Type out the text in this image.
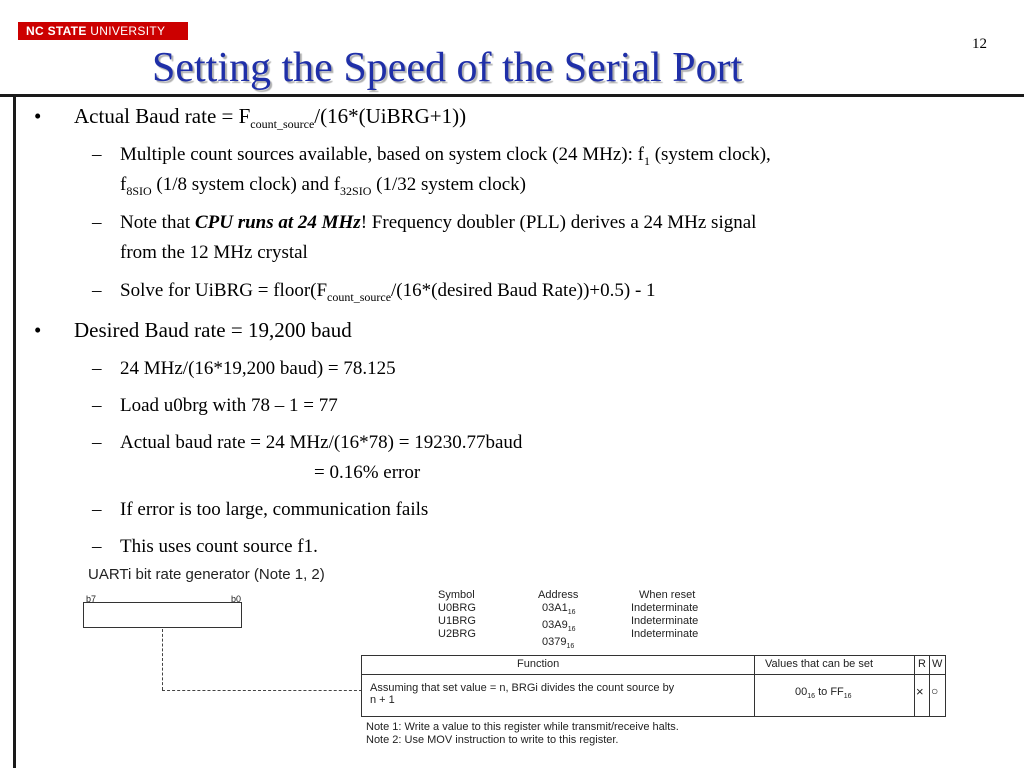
NC STATE UNIVERSITY
12
Setting the Speed of the Serial Port
• Actual Baud rate = $F_{count\_source}/(16*(UiBRG+1))$
– Multiple count sources available, based on system clock (24 MHz): $f_1$ (system clock),
$f_{8SIO}$ (1/8 system clock) and $f_{32SIO}$ (1/32 system clock)
– Note that CPU runs at 24 MHz! Frequency doubler (PLL) derives a 24 MHz signal
from the 12 MHz crystal
– Solve for UiBRG = $floor(F_{count\_source}/(16*(desired$ Baud Rate))+0.5) - 1
• Desired Baud rate = 19,200 baud
– 24 MHz/(16*19,200 baud) = 78.125
– Load u0brg with 78 – 1 = 77
– Actual baud rate = 24 MHz/(16*78) = 19230.77baud
= 0.16% error
– If error is too large, communication fails
– This uses count source f1.
UARTi bit rate generator (Note 1, 2)
b7	b0	Symbol
U0BRG
U1BRG
U2BRG
Address
$03A1_{16}$
$03A9_{16}$
$0379_{16}$
When reset
Indeterminate
Indeterminate
Indeterminate
Function
Assuming that set value = n, BRGi divides the count source by
n + 1
Values that can be set
$00_{16}$ to $FF_{16}$
R
×
W
○
Note 1: Write a value to this register while transmit/receive halts.
Note 2: Use MOV instruction to write to this register.
